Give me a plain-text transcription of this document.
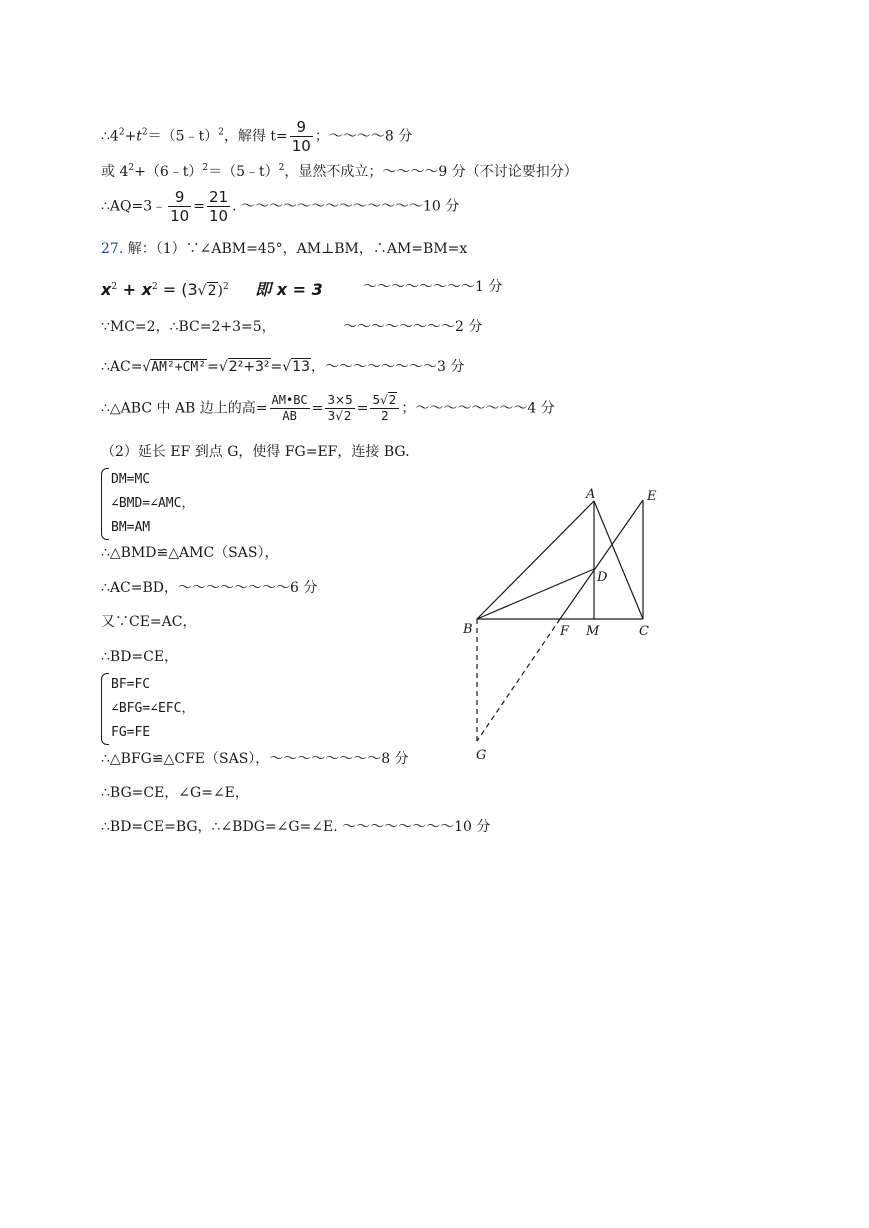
$\therefore 4^2+t^2=(5﹣t)^2$，解得 $t= \frac{9}{10}$ ；～～～～8 分
或 $4^2+(6﹣t)^2=(5﹣t)^2$，显然不成立；～～～～9 分（不讨论要扣分）
∴AQ=3﹣ $\frac{9}{10} = \frac{21}{10}$ . ～～～～～～～～～～～～～10 分
27. 解：（1）∵∠ABM=45°，AM⊥BM，∴AM=BM=x
$x^2 + x^2 = (3√2)^2$ 即 x = 3	～～～～～～～～1 分
∵MC=2，∴BC=2+3=5，	～～～～～～～～2 分
∴AC=√AM²+CM²=√2²+3²=√13，～～～～～～～～3 分
∴△ABC 中 AB 边上的高= $\frac{AM•BC}{AB} = \frac{3\times 5}{3√2} = \frac{5√2}{2}$ ；～～～～～～～～4 分
（2）延长 EF 到点 G，使得 FG=EF，连接 BG.
DM=MC
∠BMD=∠AMC，
BM=AM
∴△BMD≌△AMC（SAS），
∴AC=BD，～～～～～～～～6 分
又∵CE=AC，
∴BD=CE，
BF=FC
∠BFG=∠EFC，
FG=FE
∴△BFG≌△CFE（SAS），～～～～～～～～8 分
∴BG=CE，∠G=∠E，
∴BD=CE=BG，∴∠BDG=∠G=∠E. ～～～～～～～～10 分
A	E
D
B	F M	C
G
